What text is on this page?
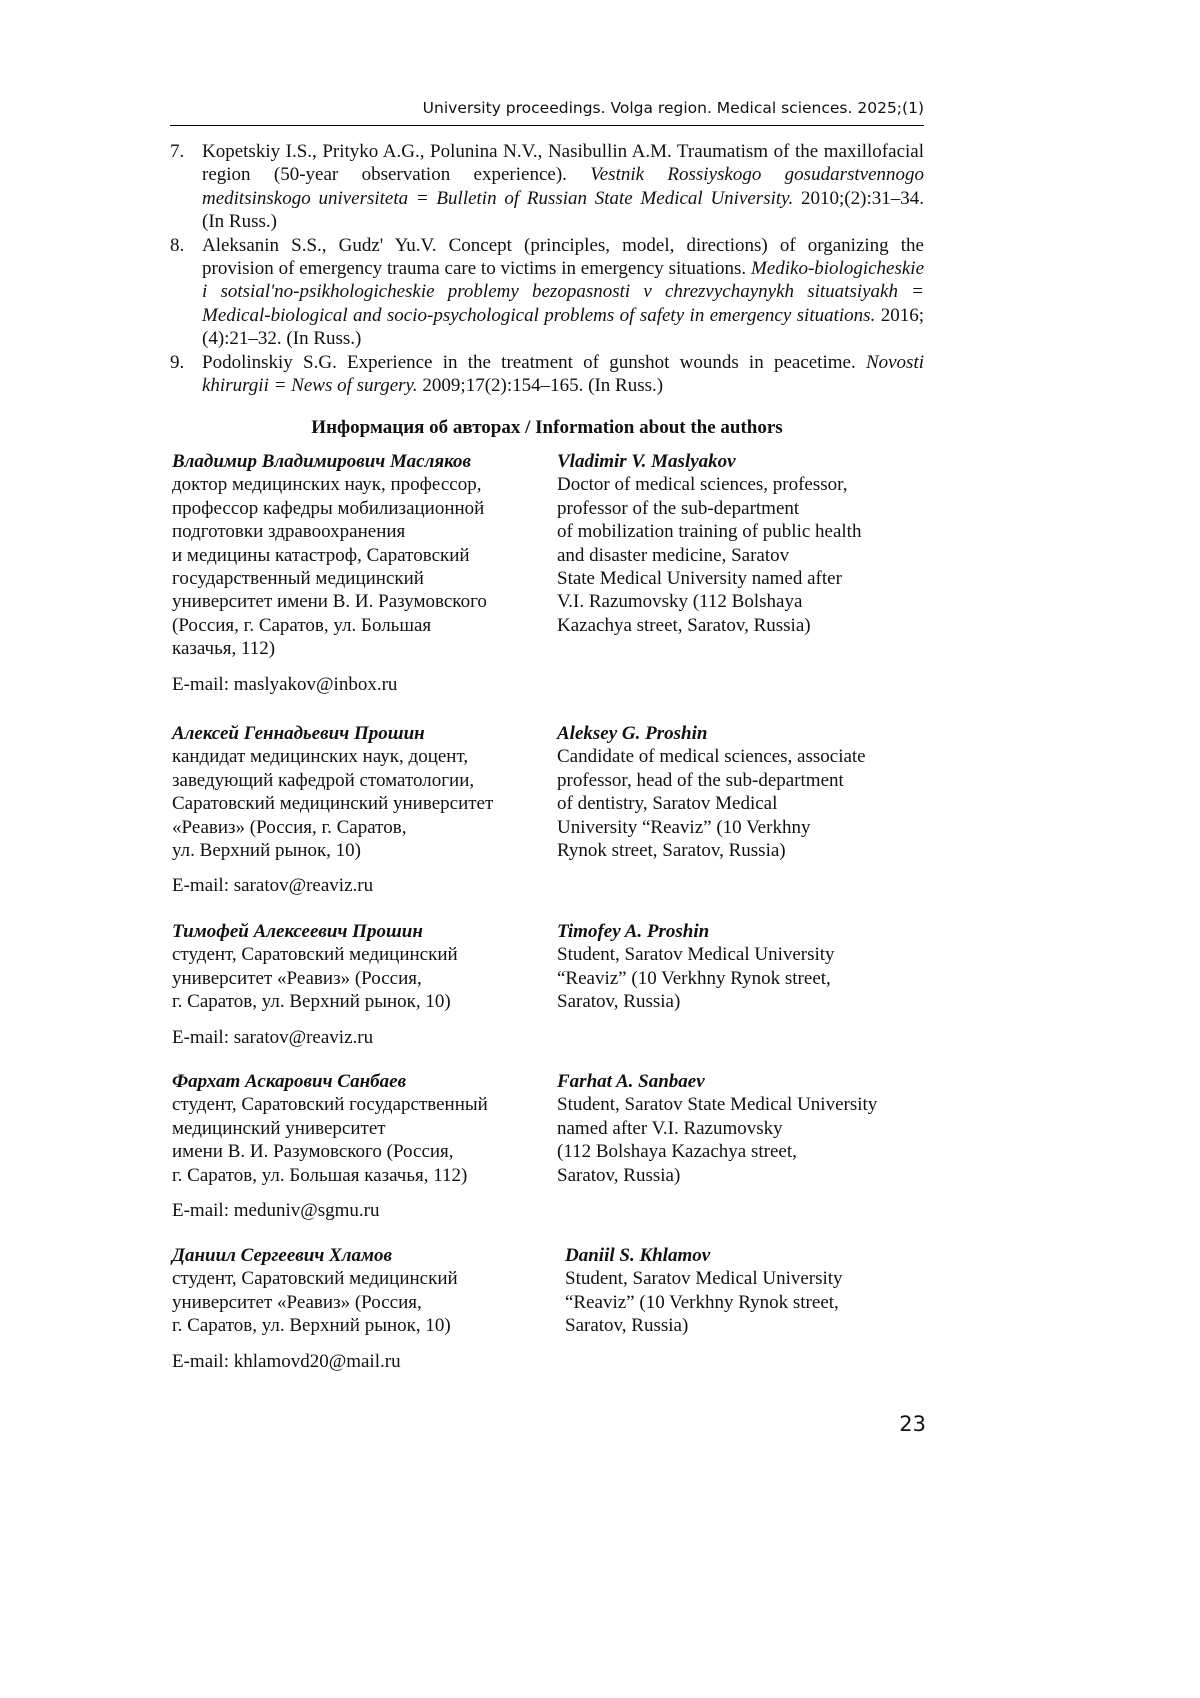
University proceedings. Volga region. Medical sciences. 2025;(1)

7. Kopetskiy I.S., Prityko A.G., Polunina N.V., Nasibullin A.M. Traumatism of the maxillofacial region (50-year observation experience). Vestnik Rossiyskogo gosudarstvennogo meditsinskogo universiteta = Bulletin of Russian State Medical University. 2010;(2):31–34. (In Russ.)

8. Aleksanin S.S., Gudz' Yu.V. Concept (principles, model, directions) of organizing the provision of emergency trauma care to victims in emergency situations. Mediko-biologicheskie i sotsial'no-psikhologicheskie problemy bezopasnosti v chrezvychaynykh situatsiyakh = Medical-biological and socio-psychological problems of safety in emergency situations. 2016;(4):21–32. (In Russ.)

9. Podolinskiy S.G. Experience in the treatment of gunshot wounds in peacetime. Novosti khirurgii = News of surgery. 2009;17(2):154–165. (In Russ.)

Информация об авторах / Information about the authors
Владимир Владимирович Масляков
доктор медицинских наук, профессор,
профессор кафедры мобилизационной
подготовки здравоохранения
и медицины катастроф, Саратовский
государственный медицинский
университет имени В. И. Разумовского
(Россия, г. Саратов, ул. Большая
казачья, 112)
Vladimir V. Maslyakov
Doctor of medical sciences, professor,
professor of the sub-department
of mobilization training of public health
and disaster medicine, Saratov
State Medical University named after
V.I. Razumovsky (112 Bolshaya
Kazachya street, Saratov, Russia)
E-mail: maslyakov@inbox.ru
Алексей Геннадьевич Прошин
кандидат медицинских наук, доцент,
заведующий кафедрой стоматологии,
Саратовский медицинский университет
«Реавиз» (Россия, г. Саратов,
ул. Верхний рынок, 10)
Aleksey G. Proshin
Candidate of medical sciences, associate
professor, head of the sub-department
of dentistry, Saratov Medical
University “Reaviz” (10 Verkhny
Rynok street, Saratov, Russia)
E-mail: saratov@reaviz.ru
Тимофей Алексеевич Прошин
студент, Саратовский медицинский
университет «Реавиз» (Россия,
г. Саратов, ул. Верхний рынок, 10)
Timofey A. Proshin
Student, Saratov Medical University
“Reaviz” (10 Verkhny Rynok street,
Saratov, Russia)
E-mail: saratov@reaviz.ru
Фархат Аскарович Санбаев
студент, Саратовский государственный
медицинский университет
имени В. И. Разумовского (Россия,
г. Саратов, ул. Большая казачья, 112)
Farhat A. Sanbaev
Student, Saratov State Medical University
named after V.I. Razumovsky
(112 Bolshaya Kazachya street,
Saratov, Russia)
E-mail: meduniv@sgmu.ru
Даниил Сергеевич Хламов
студент, Саратовский медицинский
университет «Реавиз» (Россия,
г. Саратов, ул. Верхний рынок, 10)
Daniil S. Khlamov
Student, Saratov Medical University
“Reaviz” (10 Verkhny Rynok street,
Saratov, Russia)
E-mail: khlamovd20@mail.ru
23
